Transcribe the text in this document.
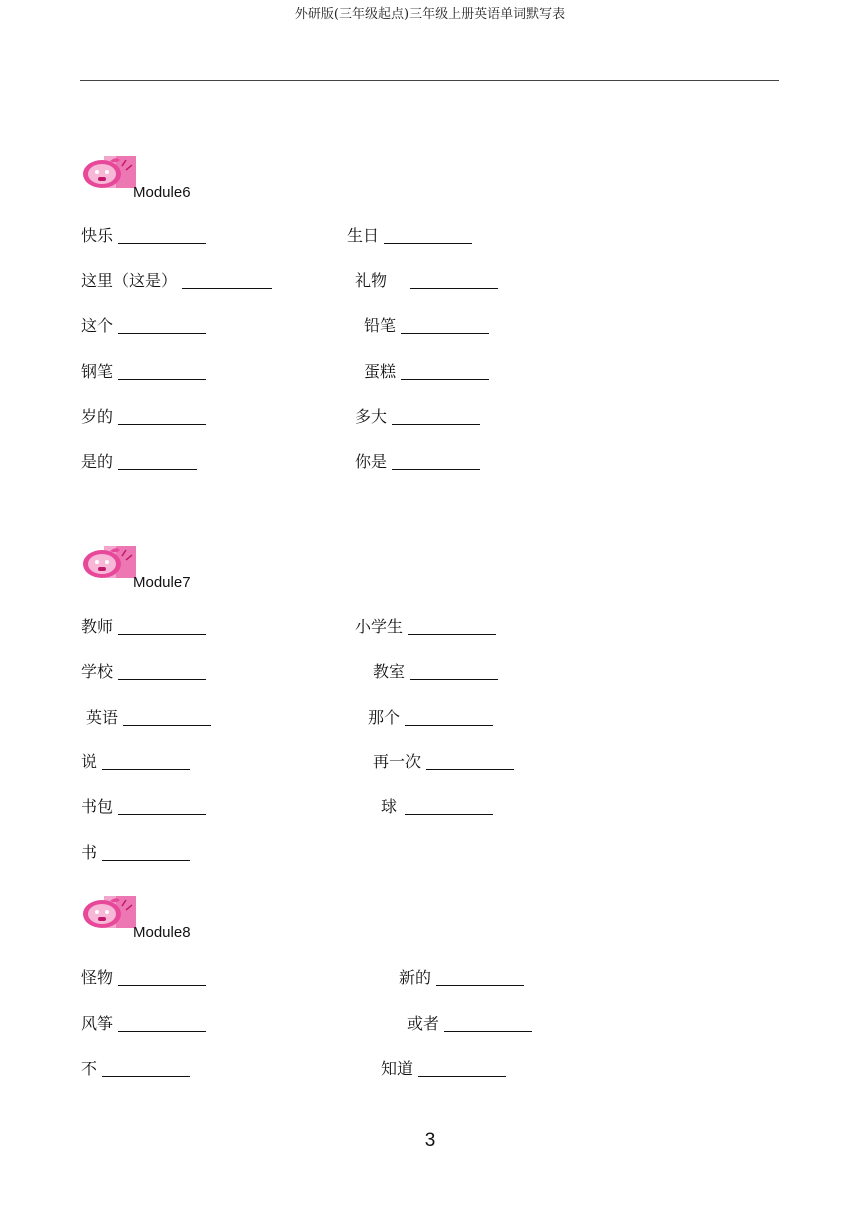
外研版(三年级起点)三年级上册英语单词默写表
Module6
快乐	生日
这里（这是）	礼物
这个	铅笔
钢笔	蛋糕
岁的	多大
是的	你是
Module7
教师	小学生
学校	教室
英语	那个
说	再一次
书包	球
书
Module8
怪物	新的
风筝	或者
不	知道
3
